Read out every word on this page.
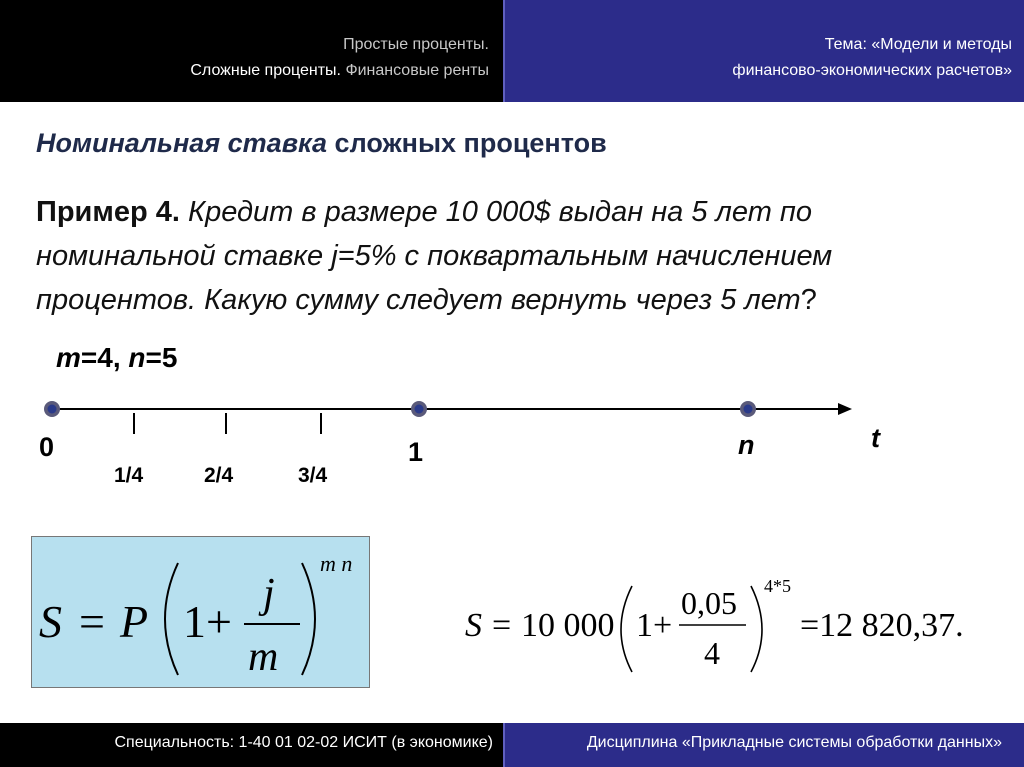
Простые проценты.
Сложные проценты. Финансовые ренты
Тема: «Модели и методы
финансово-экономических расчетов»
Номинальная ставка сложных процентов
Пример 4. Кредит в размере 10 000$ выдан на 5 лет по номинальной ставке j=5% с поквартальным начислением процентов. Какую сумму следует вернуть через 5 лет?
m=4, n=5
0	1	n	t
1/4	2/4	3/4
S = P 1 +
j
m
m n
S = 10 000 1 +
0,05
4
4*5
=12 820,37.
Специальность: 1-40 01 02-02 ИСИТ (в экономике)	Дисциплина «Прикладные системы обработки данных»
